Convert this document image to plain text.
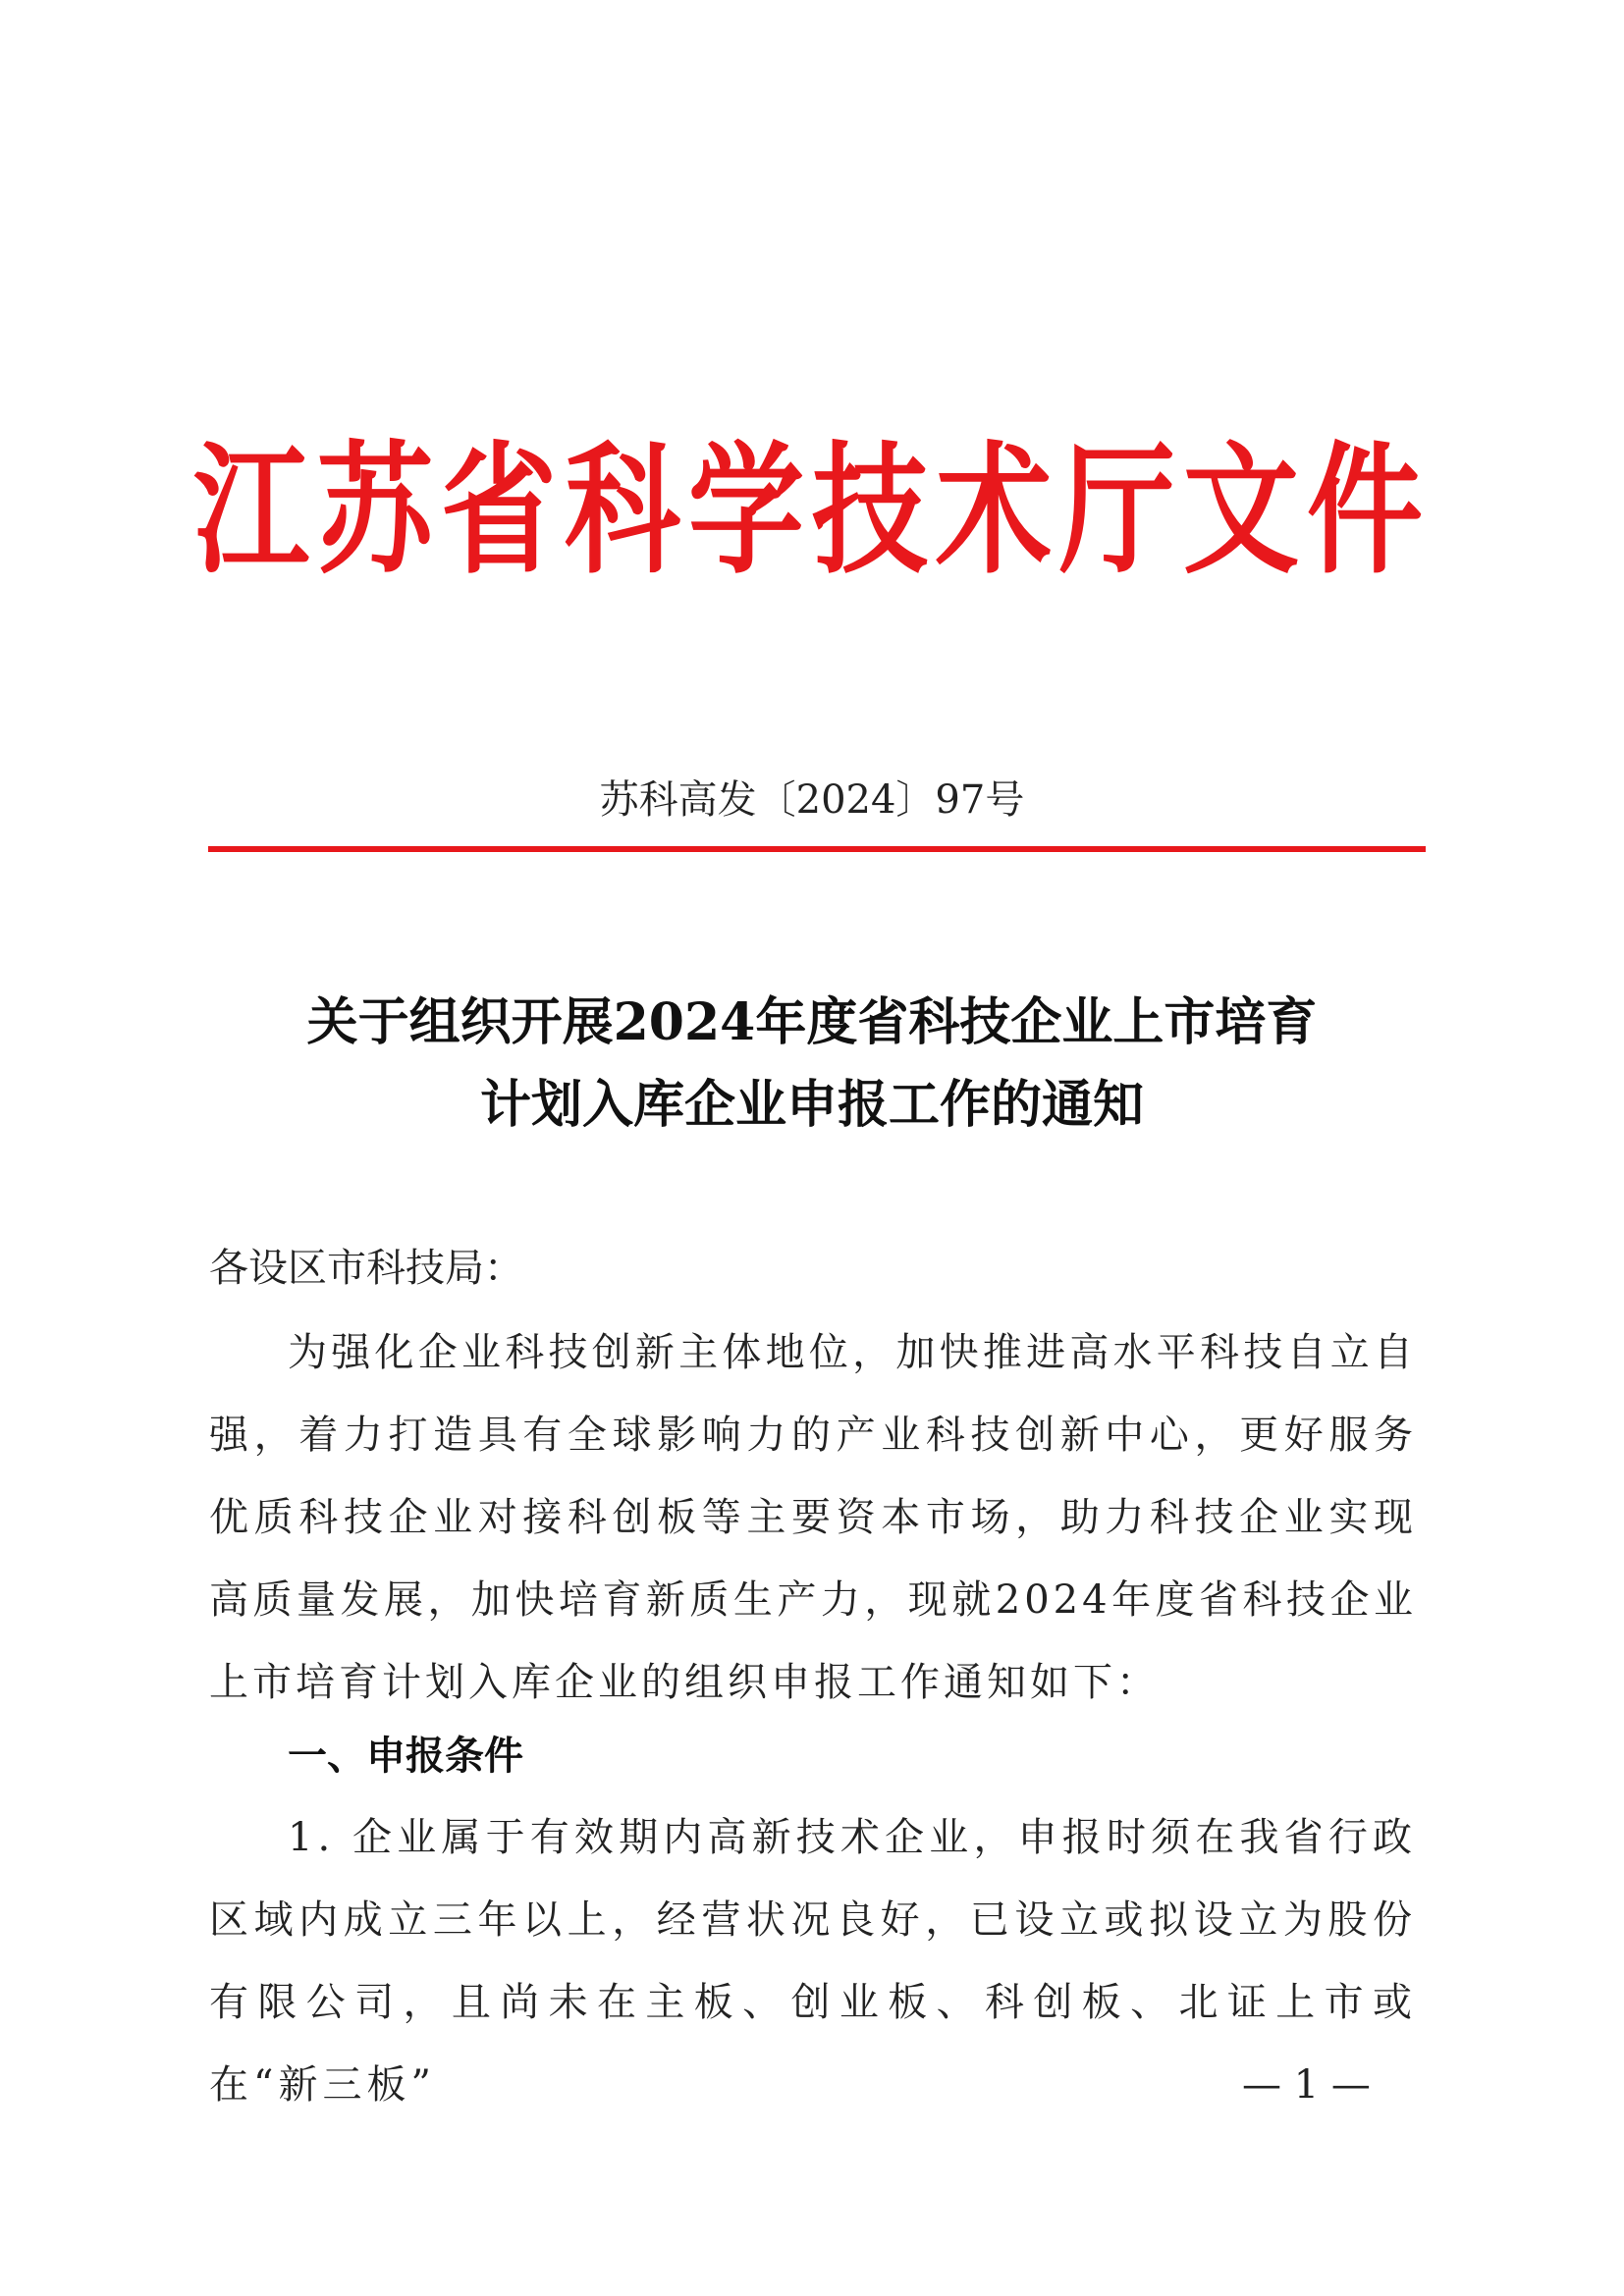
江苏省科学技术厅文件
苏科高发〔2024〕97号
关于组织开展2024年度省科技企业上市培育
计划入库企业申报工作的通知
各设区市科技局：
为强化企业科技创新主体地位，加快推进高水平科技自立自强，着力打造具有全球影响力的产业科技创新中心，更好服务优质科技企业对接科创板等主要资本市场，助力科技企业实现高质量发展，加快培育新质生产力，现就2024年度省科技企业上市培育计划入库企业的组织申报工作通知如下：
一、申报条件
1. 企业属于有效期内高新技术企业，申报时须在我省行政区域内成立三年以上，经营状况良好，已设立或拟设立为股份有限公司，且尚未在主板、创业板、科创板、北证上市或在“新三板”	— 1 —
